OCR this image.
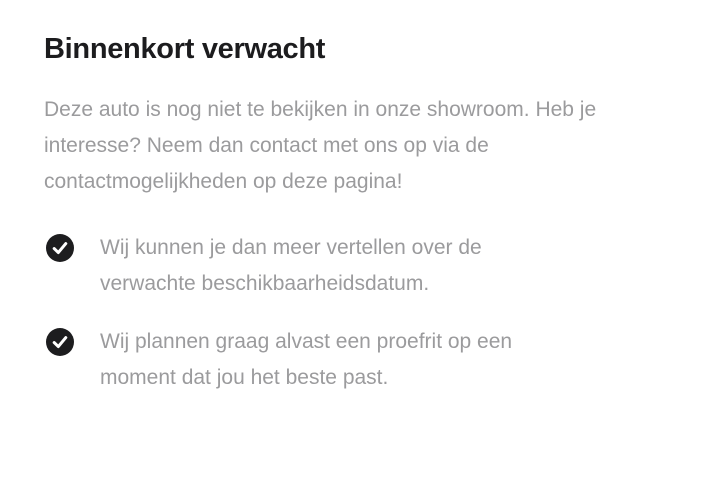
Binnenkort verwacht

Deze auto is nog niet te bekijken in onze showroom. Heb je interesse? Neem dan contact met ons op via de contactmogelijkheden op deze pagina!

Wij kunnen je dan meer vertellen over de verwachte beschikbaarheidsdatum.
Wij plannen graag alvast een proefrit op een moment dat jou het beste past.
